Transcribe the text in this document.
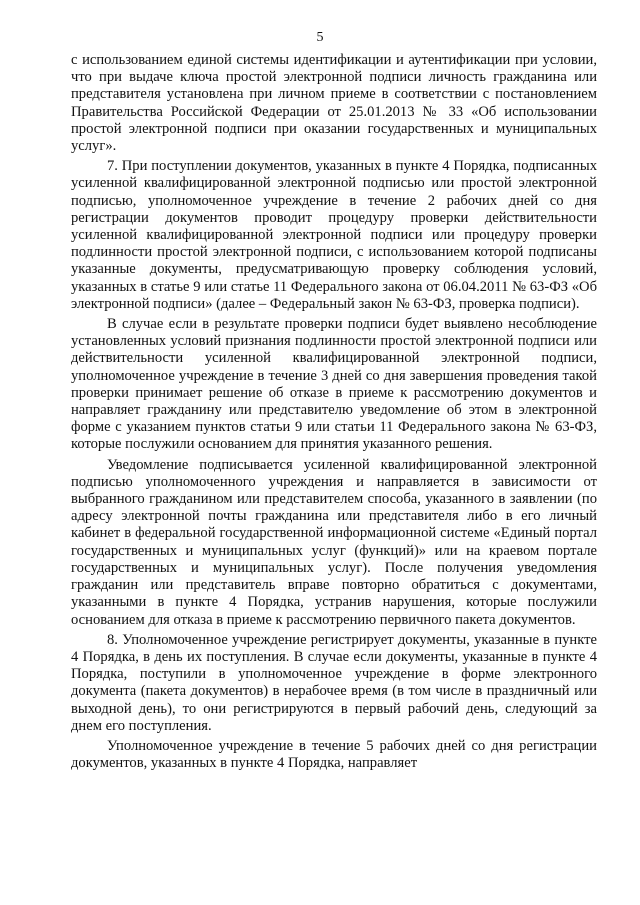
5

с использованием единой системы идентификации и аутентификации при условии, что при выдаче ключа простой электронной подписи личность гражданина или представителя установлена при личном приеме в соответствии с постановлением Правительства Российской Федерации от 25.01.2013 № 33 «Об использовании простой электронной подписи при оказании государственных и муниципальных услуг».

7. При поступлении документов, указанных в пункте 4 Порядка, подписанных усиленной квалифицированной электронной подписью или простой электронной подписью, уполномоченное учреждение в течение 2 рабочих дней со дня регистрации документов проводит процедуру проверки действительности усиленной квалифицированной электронной подписи или процедуру проверки подлинности простой электронной подписи, с использованием которой подписаны указанные документы, предусматривающую проверку соблюдения условий, указанных в статье 9 или статье 11 Федерального закона от 06.04.2011 № 63-ФЗ «Об электронной подписи» (далее – Федеральный закон № 63-ФЗ, проверка подписи).

В случае если в результате проверки подписи будет выявлено несоблюдение установленных условий признания подлинности простой электронной подписи или действительности усиленной квалифицированной электронной подписи, уполномоченное учреждение в течение 3 дней со дня завершения проведения такой проверки принимает решение об отказе в приеме к рассмотрению документов и направляет гражданину или представителю уведомление об этом в электронной форме с указанием пунктов статьи 9 или статьи 11 Федерального закона № 63-ФЗ, которые послужили основанием для принятия указанного решения.

Уведомление подписывается усиленной квалифицированной электронной подписью уполномоченного учреждения и направляется в зависимости от выбранного гражданином или представителем способа, указанного в заявлении (по адресу электронной почты гражданина или представителя либо в его личный кабинет в федеральной государственной информационной системе «Единый портал государственных и муниципальных услуг (функций)» или на краевом портале государственных и муниципальных услуг). После получения уведомления гражданин или представитель вправе повторно обратиться с документами, указанными в пункте 4 Порядка, устранив нарушения, которые послужили основанием для отказа в приеме к рассмотрению первичного пакета документов.

8. Уполномоченное учреждение регистрирует документы, указанные в пункте 4 Порядка, в день их поступления. В случае если документы, указанные в пункте 4 Порядка, поступили в уполномоченное учреждение в форме электронного документа (пакета документов) в нерабочее время (в том числе в праздничный или выходной день), то они регистрируются в первый рабочий день, следующий за днем его поступления.

Уполномоченное учреждение в течение 5 рабочих дней со дня регистрации документов, указанных в пункте 4 Порядка, направляет
